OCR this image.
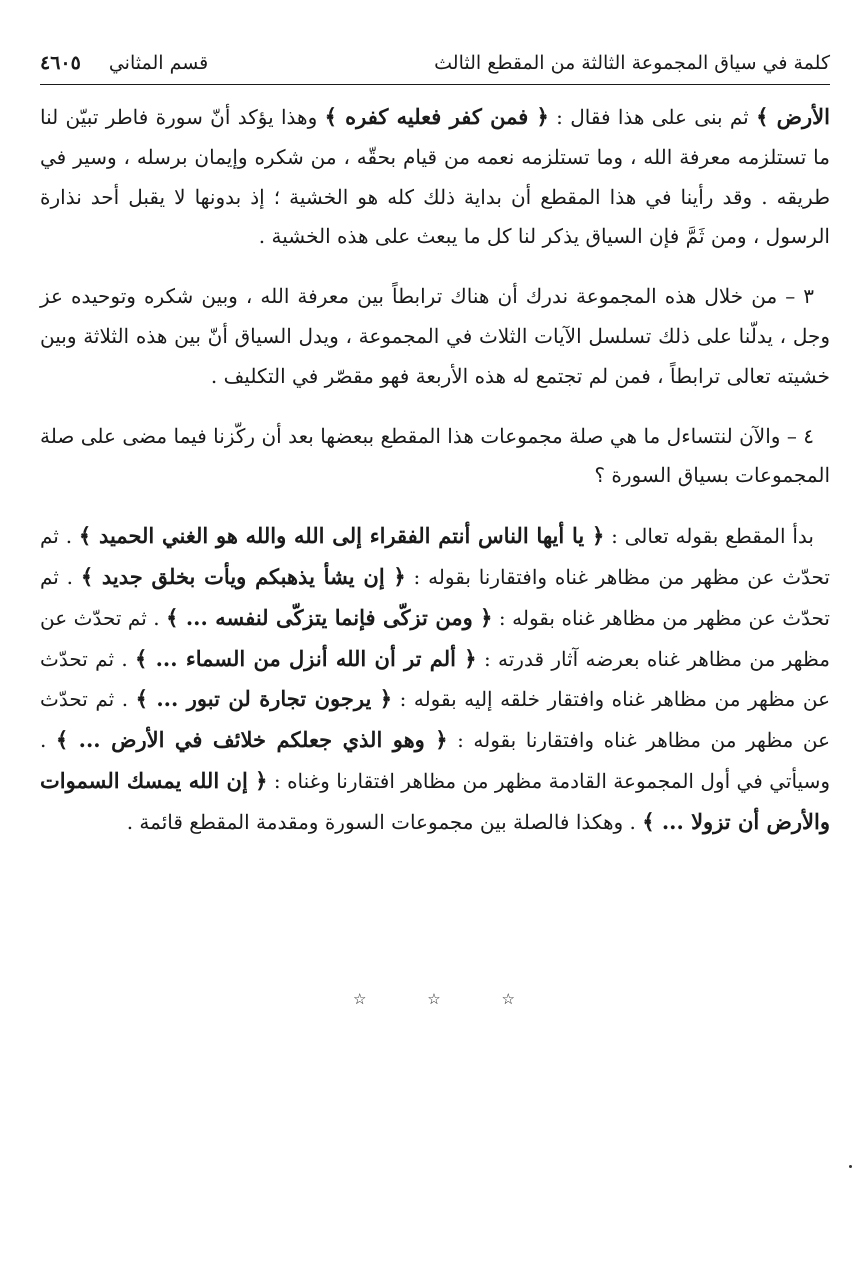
كلمة في سياق المجموعة الثالثة من المقطع الثالث
قسم المثاني
٤٦٠٥

الأرض ﴾ ثم بنى على هذا فقال : ﴿ فمن كفر فعليه كفره ﴾ وهذا يؤكد أنّ سورة فاطر تبيّن لنا ما تستلزمه معرفة الله ، وما تستلزمه نعمه من قيام بحقّه ، من شكره وإيمان برسله ، وسير في طريقه . وقد رأينا في هذا المقطع أن بداية ذلك كله هو الخشية ؛ إذ بدونها لا يقبل أحد نذارة الرسول ، ومن ثَمَّ فإن السياق يذكر لنا كل ما يبعث على هذه الخشية .

٣ – من خلال هذه المجموعة ندرك أن هناك ترابطاً بين معرفة الله ، وبين شكره وتوحيده عز وجل ، يدلّنا على ذلك تسلسل الآيات الثلاث في المجموعة ، ويدل السياق أنّ بين هذه الثلاثة وبين خشيته تعالى ترابطاً ، فمن لم تجتمع له هذه الأربعة فهو مقصّر في التكليف .

٤ – والآن لنتساءل ما هي صلة مجموعات هذا المقطع ببعضها بعد أن ركّزنا فيما مضى على صلة المجموعات بسياق السورة ؟

بدأ المقطع بقوله تعالى : ﴿ يا أيها الناس أنتم الفقراء إلى الله والله هو الغني الحميد ﴾ . ثم تحدّث عن مظهر من مظاهر غناه وافتقارنا بقوله : ﴿ إن يشأ يذهبكم ويأت بخلق جديد ﴾ . ثم تحدّث عن مظهر من مظاهر غناه بقوله : ﴿ ومن تزكّى فإنما يتزكّى لنفسه ... ﴾ . ثم تحدّث عن مظهر من مظاهر غناه بعرضه آثار قدرته : ﴿ ألم تر أن الله أنزل من السماء ... ﴾ . ثم تحدّث عن مظهر من مظاهر غناه وافتقار خلقه إليه بقوله : ﴿ يرجون تجارة لن تبور ... ﴾ . ثم تحدّث عن مظهر من مظاهر غناه وافتقارنا بقوله : ﴿ وهو الذي جعلكم خلائف في الأرض ... ﴾ . وسيأتي في أول المجموعة القادمة مظهر من مظاهر افتقارنا وغناه : ﴿ إن الله يمسك السموات والأرض أن تزولا ... ﴾ . وهكذا فالصلة بين مجموعات السورة ومقدمة المقطع قائمة .

☆	☆	☆
